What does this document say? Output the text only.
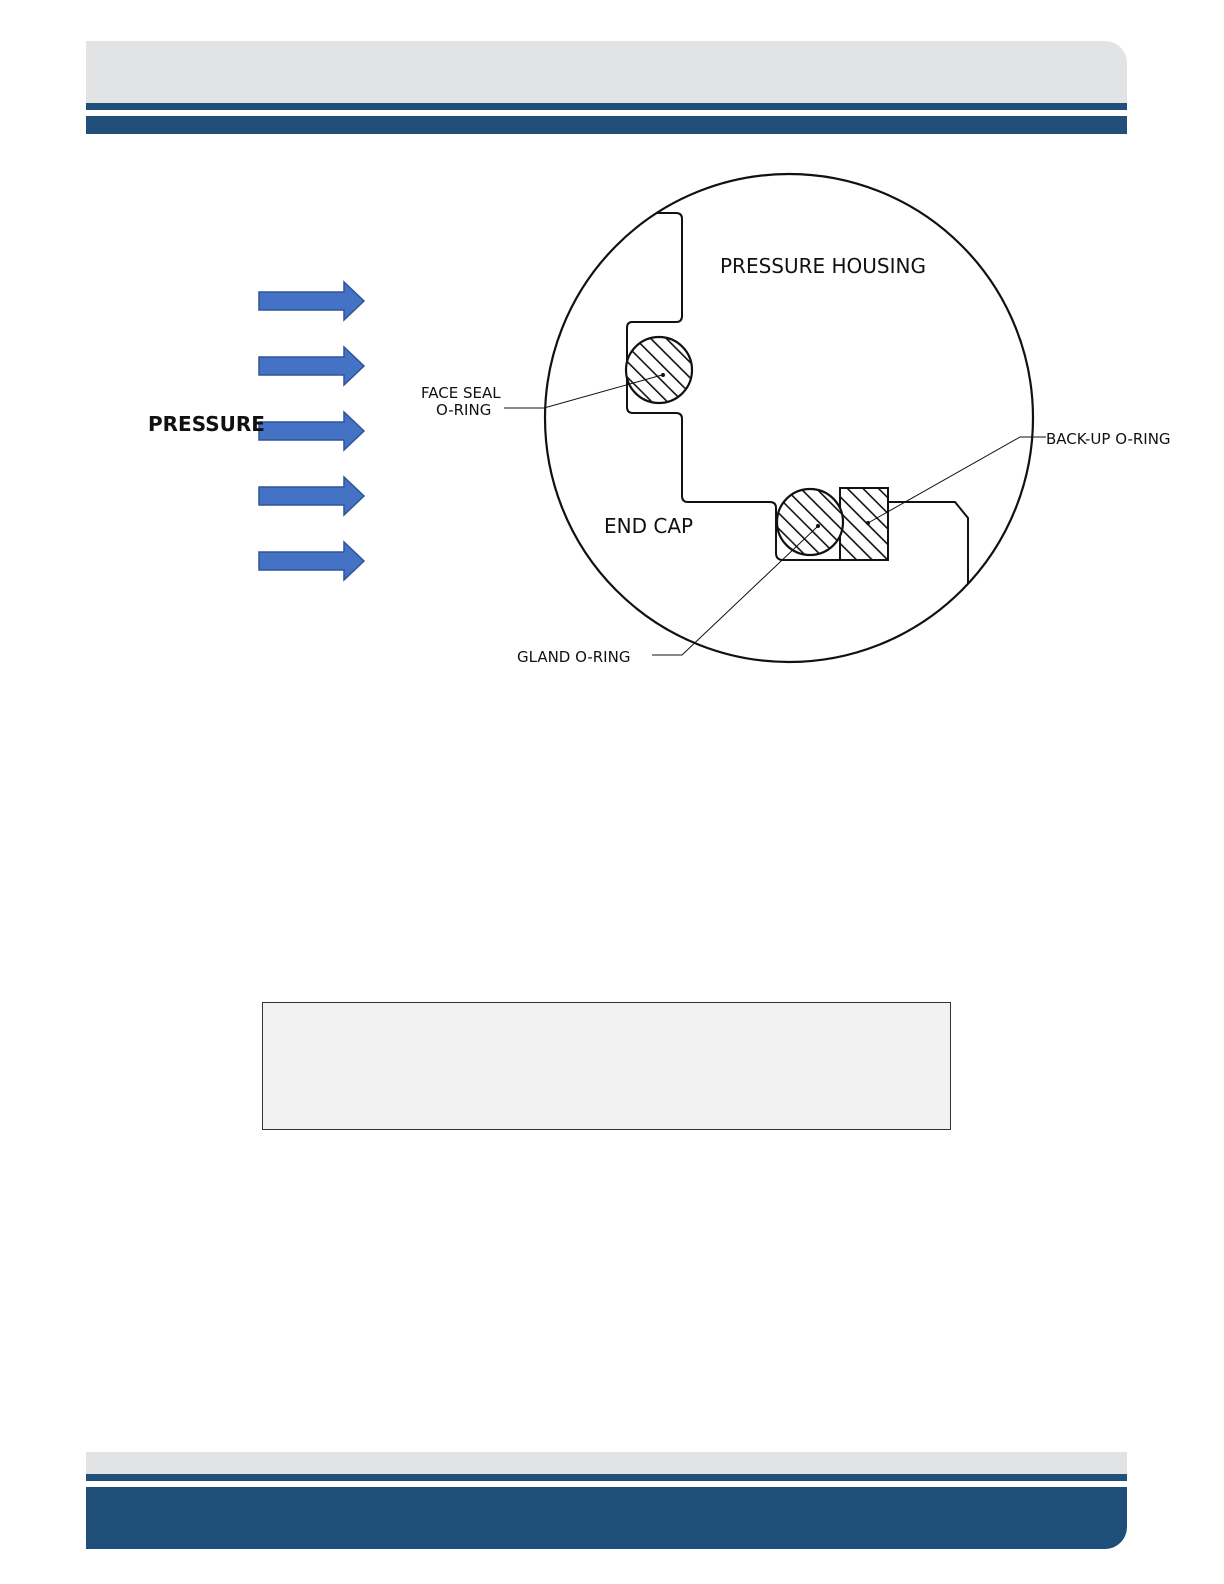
PRESSURE
PRESSURE HOUSING
END CAP
FACE SEAL
O-RING
BACK-UP O-RING
GLAND O-RING
